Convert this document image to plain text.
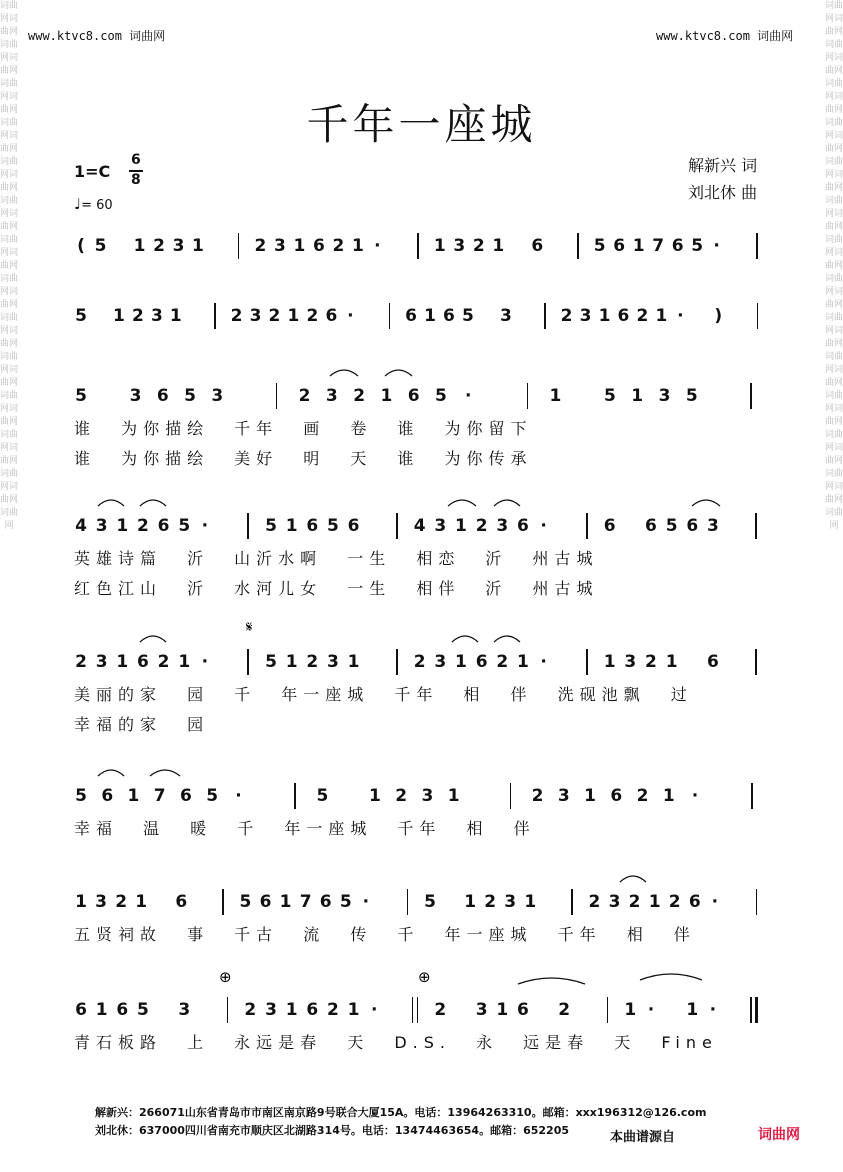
词曲网词曲网词曲网词曲网词曲网词曲网词曲网词曲网词曲网词曲网词曲网词曲网词曲网词曲网词曲网词曲网词曲网词曲网词曲网词曲网词曲网词曲网词曲网词曲网词曲网词曲网词曲网
词曲网词曲网词曲网词曲网词曲网词曲网词曲网词曲网词曲网词曲网词曲网词曲网词曲网词曲网词曲网词曲网词曲网词曲网词曲网词曲网词曲网词曲网词曲网词曲网词曲网词曲网词曲网
www.ktvc8.com 词曲网	www.ktvc8.com 词曲网
千年一座城
解新兴 词
刘北休 曲
1=C
6
8
♩= 60
( 5 1 2 3 1	2 3 1 6 2 1 ·	1 3 2 1 6	5 6 1 7 6 5 ·
5 1 2 3 1	2 3 2 1 2 6 ·	6 1 6 5 3	2 3 1 6 2 1 · )
5	3 6 5 3	2 3 2 1 6 5 ·	1	5 1 3 5
谁 为你描绘 千年 画 卷 谁 为你留下
谁 为你描绘 美好 明 天 谁 为你传承
4 3 1 2 6 5 ·	5 1 6 5 6	4 3 1 2 3 6 ·	6 6 5 6 3
英雄诗篇 沂 山沂水啊 一生 相恋 沂 州古城
红色江山 沂 水河儿女 一生 相伴 沂 州古城
2 3 1 6 2 1 ·	5 1 2 3 1	2 3 1 6 2 1 ·	1 3 2 1 6
美丽的家 园 千 年一座城 千年 相 伴 洗砚池飘 过
幸福的家 园
5 6 1 7 6 5 ·	5 1 2 3 1	2 3 1 6 2 1 ·
幸福 温 暖 千 年一座城 千年 相 伴
1 3 2 1 6	5 6 1 7 6 5 ·	5 1 2 3 1	2 3 2 1 2 6 ·
五贤祠故 事 千古 流 传 千 年一座城 千年 相 伴
6 1 6 5 3	2 3 1 6 2 1 ·	2 3 1 6 2	1 · 1 ·
青石板路 上 永远是春 天 D.S. 永 远是春 天 Fine
𝄋
⊕	⊕
解新兴：266071山东省青岛市市南区南京路9号联合大厦15A。电话：13964263310。邮箱：xxx196312@126.com
刘北休：637000四川省南充市顺庆区北湖路314号。电话：13474463654。邮箱：652205	本曲谱源自	词曲网
